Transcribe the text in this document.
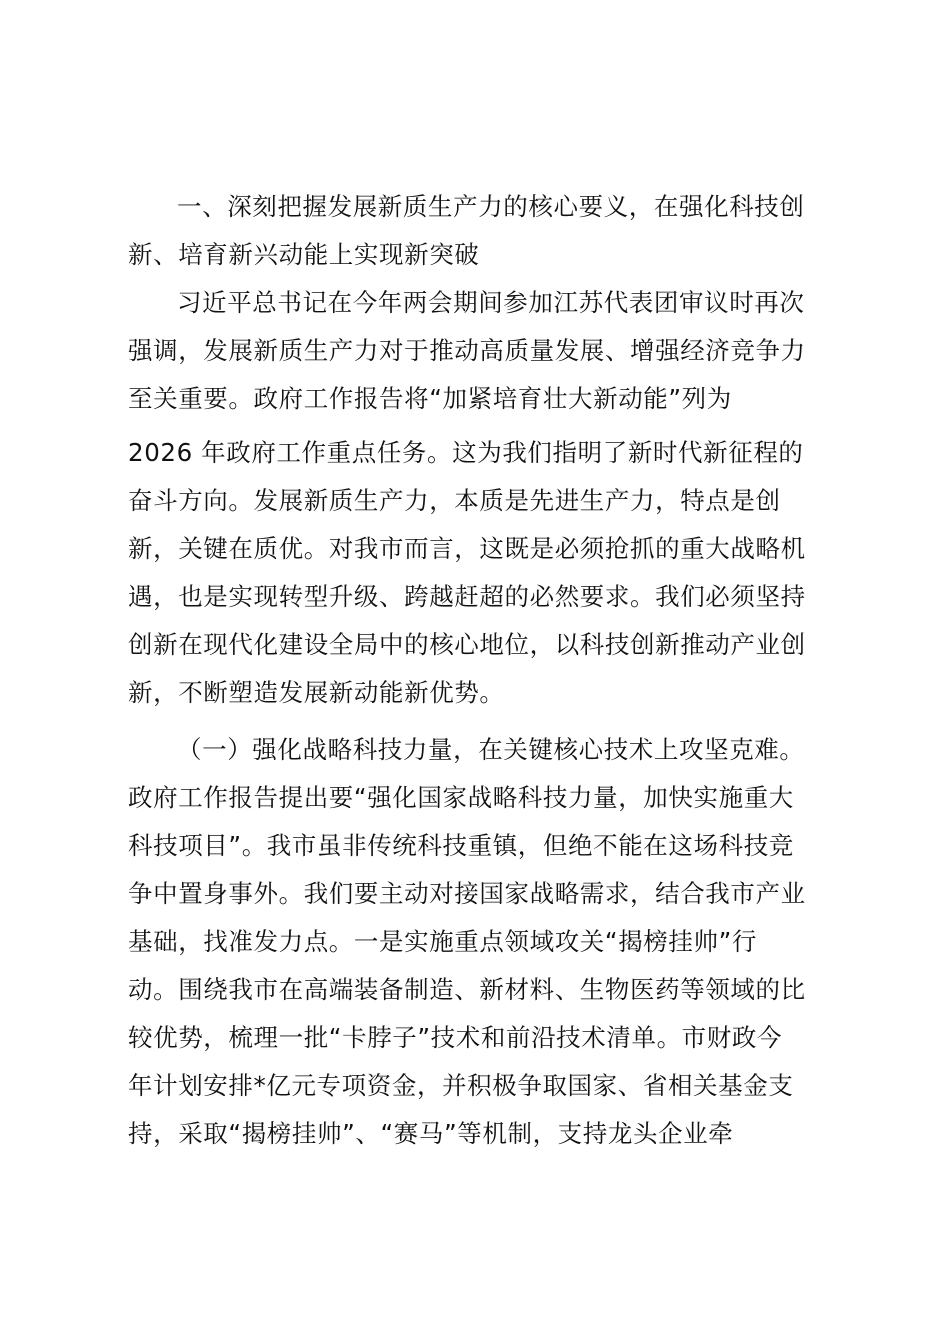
一、深刻把握发展新质生产力的核心要义，在强化科技创
新、培育新兴动能上实现新突破
习近平总书记在今年两会期间参加江苏代表团审议时再次
强调，发展新质生产力对于推动高质量发展、增强经济竞争力
至关重要。政府工作报告将“加紧培育壮大新动能”列为
2026 年政府工作重点任务。这为我们指明了新时代新征程的
奋斗方向。发展新质生产力，本质是先进生产力，特点是创
新，关键在质优。对我市而言，这既是必须抢抓的重大战略机
遇，也是实现转型升级、跨越赶超的必然要求。我们必须坚持
创新在现代化建设全局中的核心地位，以科技创新推动产业创
新，不断塑造发展新动能新优势。
（一）强化战略科技力量，在关键核心技术上攻坚克难。
政府工作报告提出要“强化国家战略科技力量，加快实施重大
科技项目”。我市虽非传统科技重镇，但绝不能在这场科技竞
争中置身事外。我们要主动对接国家战略需求，结合我市产业
基础，找准发力点。一是实施重点领域攻关“揭榜挂帅”行
动。围绕我市在高端装备制造、新材料、生物医药等领域的比
较优势，梳理一批“卡脖子”技术和前沿技术清单。市财政今
年计划安排*亿元专项资金，并积极争取国家、省相关基金支
持，采取“揭榜挂帅”、“赛马”等机制，支持龙头企业牵
